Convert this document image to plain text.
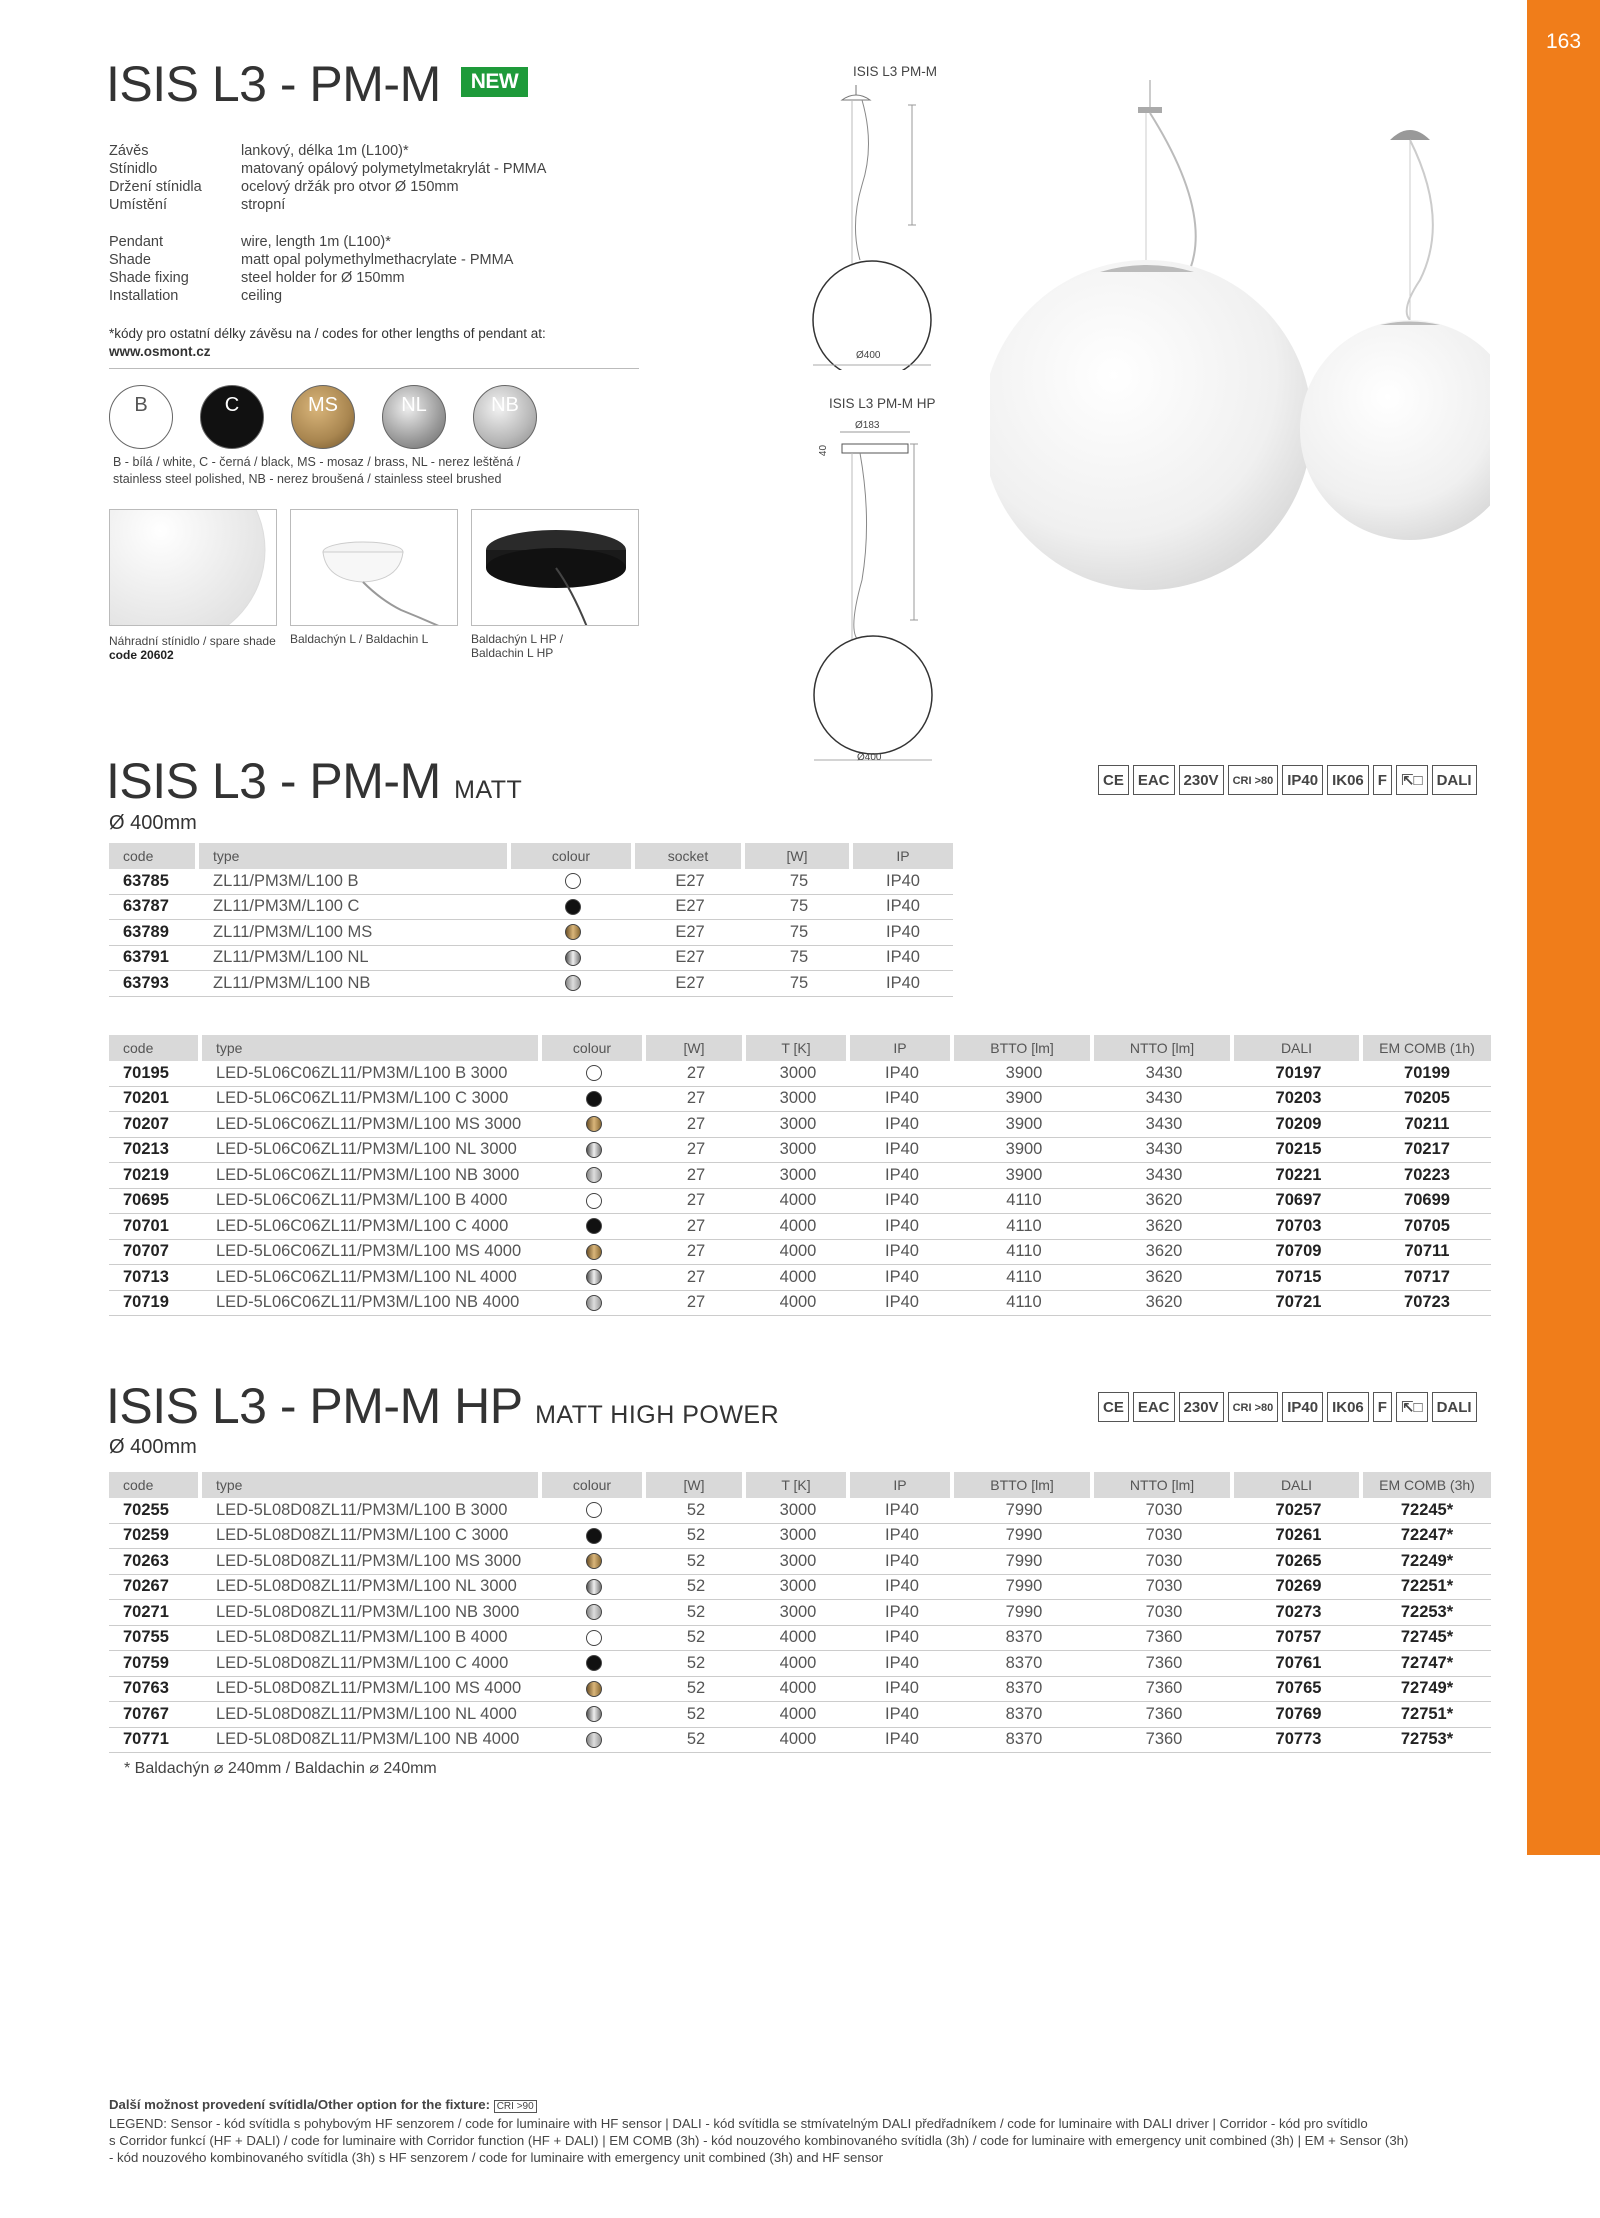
163
PC, PMMA, PE ZÁVĚSNÁ / PENDANT
ISIS L3 - PM-M NEW
Závěs	lankový, délka 1m (L100)*
Stínidlo	matovaný opálový polymetylmetakrylát - PMMA
Držení stínidla	ocelový držák pro otvor Ø 150mm
Umístění	stropní
Pendant	wire, length 1m (L100)*
Shade	matt opal polymethylmethacrylate - PMMA
Shade fixing	steel holder for Ø 150mm
Installation	ceiling
*kódy pro ostatní délky závěsu na / codes for other lengths of pendant at:
www.osmont.cz
B	C	MS	NL	NB
B - bílá / white, C - černá / black, MS - mosaz / brass, NL - nerez leštěná /
stainless steel polished, NB - nerez broušená / stainless steel brushed
Náhradní stínidlo / spare shade
code 20602
Baldachýn L / Baldachin L	Baldachýn L HP / Baldachin L HP
ISIS L3 PM-M
Ø400
ISIS L3 PM-M HP
Ø183
40
Ø400
ISIS L3 - PM-M MATT
Ø 400mm
CE EAC 230V	CRI >80 IP40 IK06 F ⇱□ DALI
code	type	colour	socket	[W]	IP
63785	ZL11/PM3M/L100 B		E27	75	IP40
63787	ZL11/PM3M/L100 C		E27	75	IP40
63789	ZL11/PM3M/L100 MS		E27	75	IP40
63791	ZL11/PM3M/L100 NL		E27	75	IP40
63793	ZL11/PM3M/L100 NB		E27	75	IP40
code	type	colour	[W]	T [K]	IP	BTTO [lm]	NTTO [lm]	DALI	EM COMB (1h)
70195	LED-5L06C06ZL11/PM3M/L100 B 3000		27	3000	IP40	3900	3430	70197	70199
70201	LED-5L06C06ZL11/PM3M/L100 C 3000		27	3000	IP40	3900	3430	70203	70205
70207	LED-5L06C06ZL11/PM3M/L100 MS 3000		27	3000	IP40	3900	3430	70209	70211
70213	LED-5L06C06ZL11/PM3M/L100 NL 3000		27	3000	IP40	3900	3430	70215	70217
70219	LED-5L06C06ZL11/PM3M/L100 NB 3000		27	3000	IP40	3900	3430	70221	70223
70695	LED-5L06C06ZL11/PM3M/L100 B 4000		27	4000	IP40	4110	3620	70697	70699
70701	LED-5L06C06ZL11/PM3M/L100 C 4000		27	4000	IP40	4110	3620	70703	70705
70707	LED-5L06C06ZL11/PM3M/L100 MS 4000		27	4000	IP40	4110	3620	70709	70711
70713	LED-5L06C06ZL11/PM3M/L100 NL 4000		27	4000	IP40	4110	3620	70715	70717
70719	LED-5L06C06ZL11/PM3M/L100 NB 4000		27	4000	IP40	4110	3620	70721	70723
ISIS L3 - PM-M HP MATT HIGH POWER
Ø 400mm
CE EAC 230V	CRI >80 IP40 IK06 F ⇱□ DALI
code	type	colour	[W]	T [K]	IP	BTTO [lm]	NTTO [lm]	DALI	EM COMB (3h)
70255	LED-5L08D08ZL11/PM3M/L100 B 3000		52	3000	IP40	7990	7030	70257	72245*
70259	LED-5L08D08ZL11/PM3M/L100 C 3000		52	3000	IP40	7990	7030	70261	72247*
70263	LED-5L08D08ZL11/PM3M/L100 MS 3000		52	3000	IP40	7990	7030	70265	72249*
70267	LED-5L08D08ZL11/PM3M/L100 NL 3000		52	3000	IP40	7990	7030	70269	72251*
70271	LED-5L08D08ZL11/PM3M/L100 NB 3000		52	3000	IP40	7990	7030	70273	72253*
70755	LED-5L08D08ZL11/PM3M/L100 B 4000		52	4000	IP40	8370	7360	70757	72745*
70759	LED-5L08D08ZL11/PM3M/L100 C 4000		52	4000	IP40	8370	7360	70761	72747*
70763	LED-5L08D08ZL11/PM3M/L100 MS 4000		52	4000	IP40	8370	7360	70765	72749*
70767	LED-5L08D08ZL11/PM3M/L100 NL 4000		52	4000	IP40	8370	7360	70769	72751*
70771	LED-5L08D08ZL11/PM3M/L100 NB 4000		52	4000	IP40	8370	7360	70773	72753*
* Baldachýn ⌀ 240mm / Baldachin ⌀ 240mm
Další možnost provedení svítidla/Other option for the fixture: CRI >90
LEGEND: Sensor - kód svítidla s pohybovým HF senzorem / code for luminaire with HF sensor | DALI - kód svítidla se stmívatelným DALI předřadníkem / code for luminaire with DALI driver | Corridor - kód pro svítidlo
s Corridor funkcí (HF + DALI) / code for luminaire with Corridor function (HF + DALI) | EM COMB (3h) - kód nouzového kombinovaného svítidla (3h) / code for luminaire with emergency unit combined (3h) | EM + Sensor (3h)
- kód nouzového kombinovaného svítidla (3h) s HF senzorem / code for luminaire with emergency unit combined (3h) and HF sensor
